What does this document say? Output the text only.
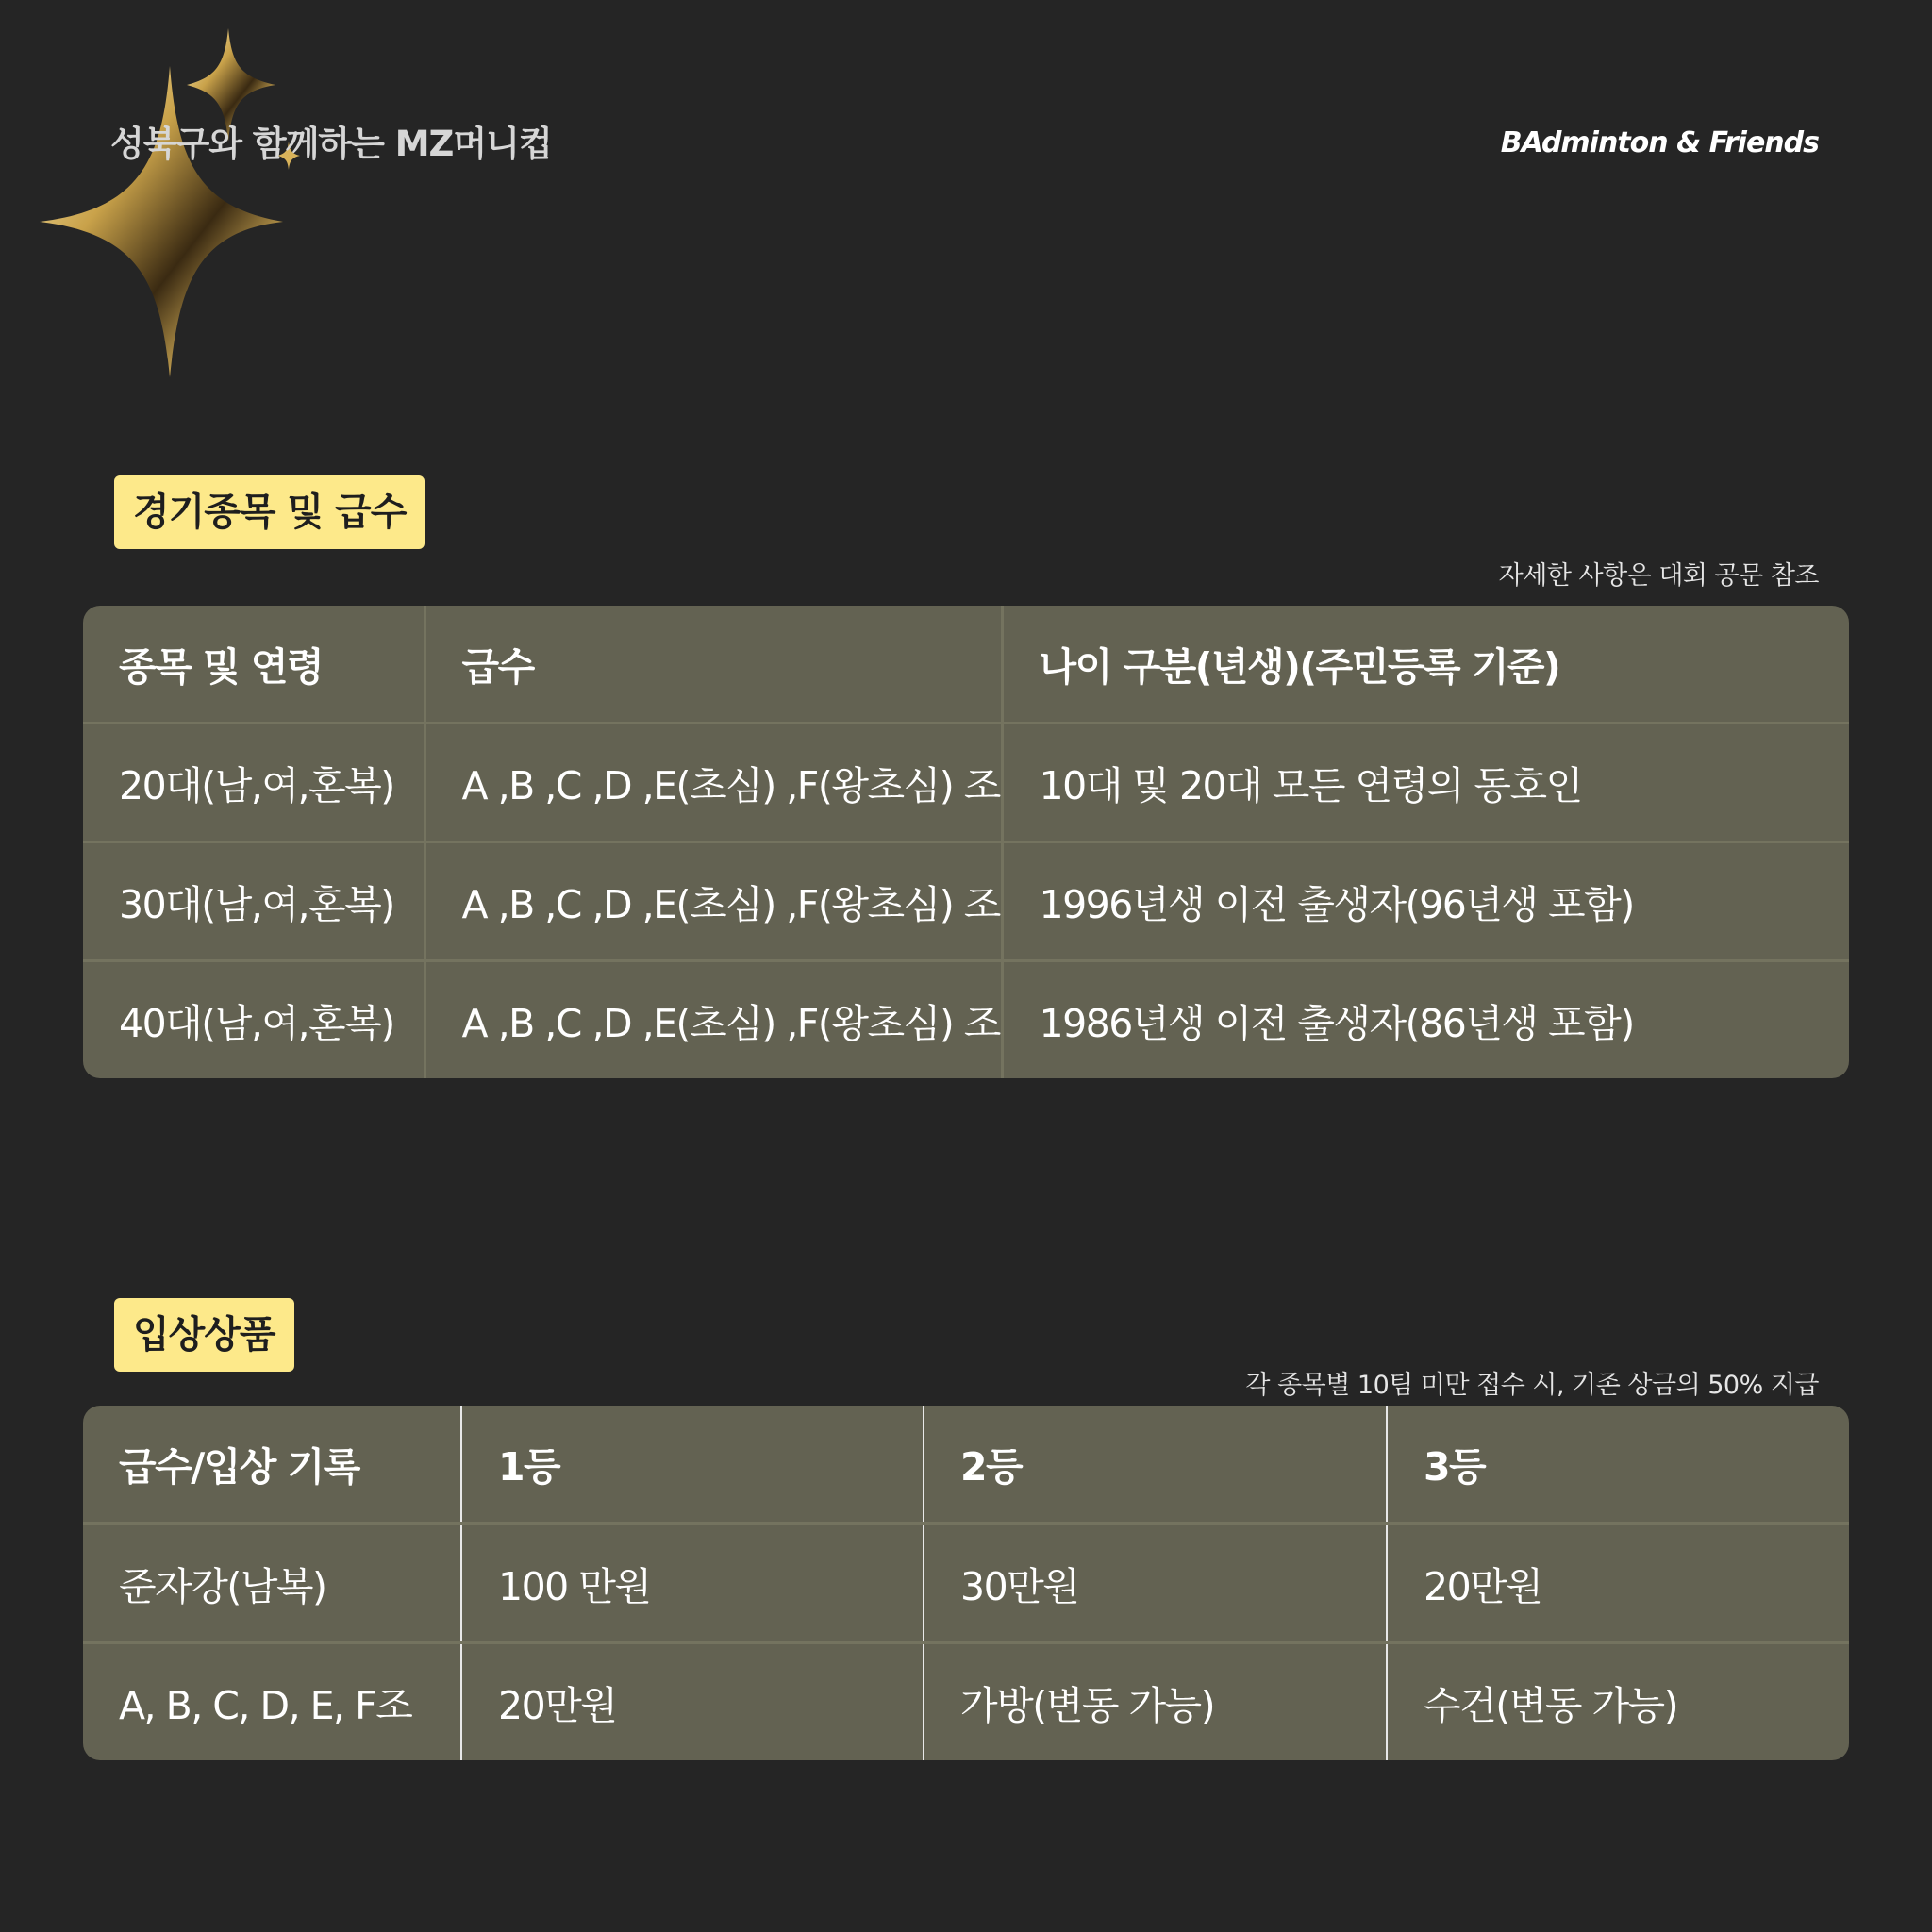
성북구와 함께하는 MZ머니컵	BAdminton & Friends
경기종목 및 급수
자세한 사항은 대회 공문 참조
종목 및 연령	급수	나이 구분(년생)(주민등록 기준)
20대(남,여,혼복)	A ,B ,C ,D ,E(초심) ,F(왕초심) 조	10대 및 20대 모든 연령의 동호인
30대(남,여,혼복)	A ,B ,C ,D ,E(초심) ,F(왕초심) 조	1996년생 이전 출생자(96년생 포함)
40대(남,여,혼복)	A ,B ,C ,D ,E(초심) ,F(왕초심) 조	1986년생 이전 출생자(86년생 포함)
입상상품
각 종목별 10팀 미만 접수 시, 기존 상금의 50% 지급
급수/입상 기록	1등	2등	3등
준자강(남복)	100 만원	30만원	20만원
A, B, C, D, E, F조	20만원	가방(변동 가능)	수건(변동 가능)
